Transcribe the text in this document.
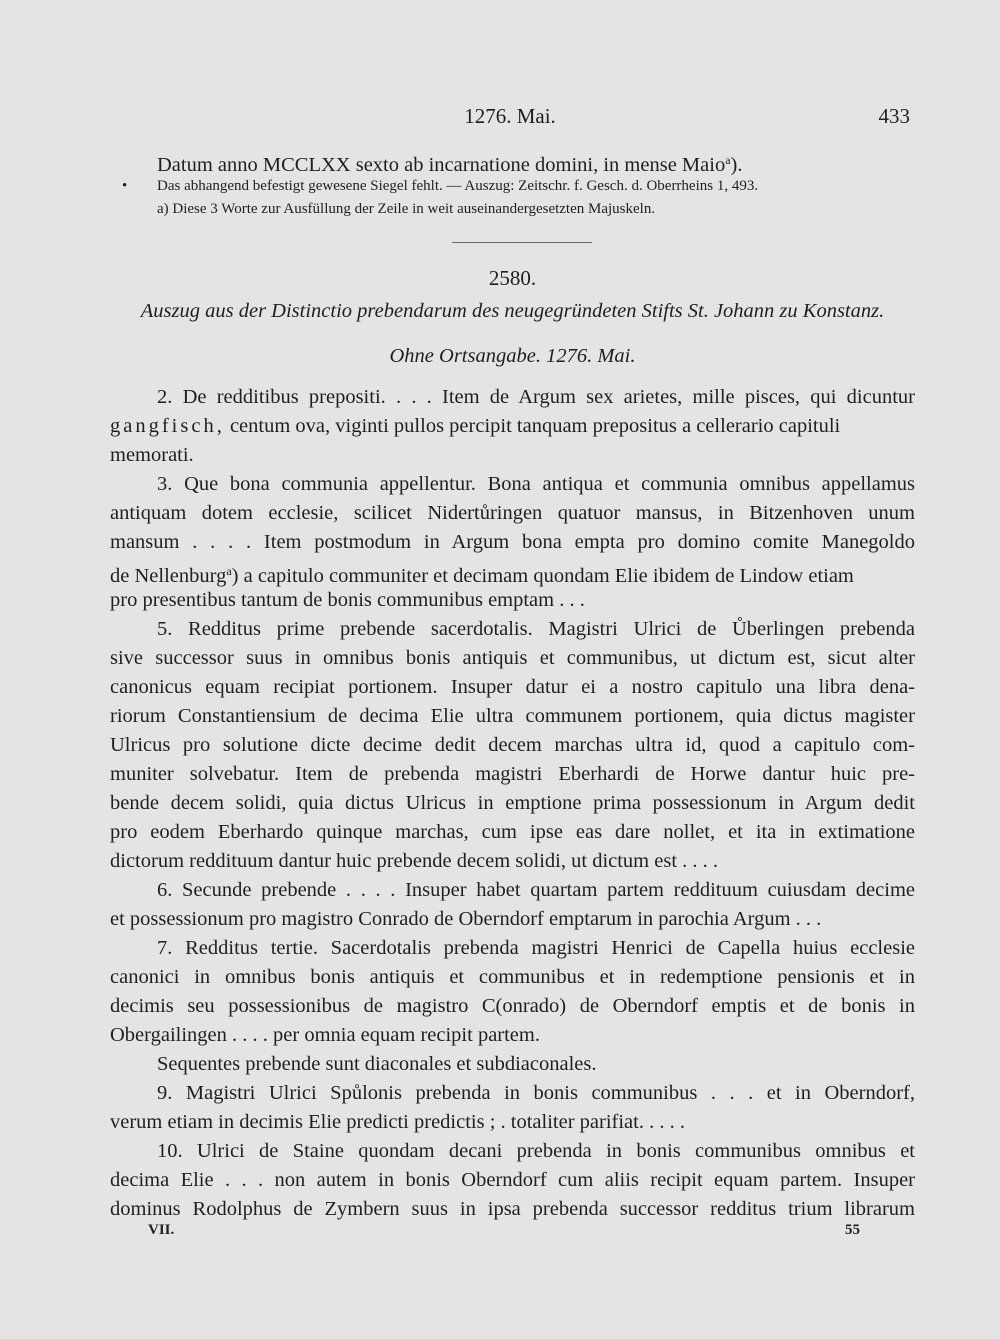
1276. Mai.	433
Datum anno MCCLXX sexto ab incarnatione domini, in mense Maio$^a$).
• Das abhangend befestigt gewesene Siegel fehlt. — Auszug: Zeitschr. f. Gesch. d. Oberrheins 1, 493.
a) Diese 3 Worte zur Ausfüllung der Zeile in weit auseinandergesetzten Majuskeln.
2580.
Auszug aus der Distinctio prebendarum des neugegründeten Stifts St. Johann zu Konstanz.
Ohne Ortsangabe. 1276. Mai.
2. De redditibus prepositi. . . . Item de Argum sex arietes, mille pisces, qui dicuntur
gangfisch, centum ova, viginti pullos percipit tanquam prepositus a cellerario capituli
memorati.
3. Que bona communia appellentur. Bona antiqua et communia omnibus appellamus
antiquam dotem ecclesie, scilicet Nidertůringen quatuor mansus, in Bitzenhoven unum
mansum . . . . Item postmodum in Argum bona empta pro domino comite Manegoldo
de Nellenburg$^a$) a capitulo communiter et decimam quondam Elie ibidem de Lindow etiam
pro presentibus tantum de bonis communibus emptam . . .
5. Redditus prime prebende sacerdotalis. Magistri Ulrici de Ůberlingen prebenda
sive successor suus in omnibus bonis antiquis et communibus, ut dictum est, sicut alter
canonicus equam recipiat portionem. Insuper datur ei a nostro capitulo una libra dena-
riorum Constantiensium de decima Elie ultra communem portionem, quia dictus magister
Ulricus pro solutione dicte decime dedit decem marchas ultra id, quod a capitulo com-
muniter solvebatur. Item de prebenda magistri Eberhardi de Horwe dantur huic pre-
bende decem solidi, quia dictus Ulricus in emptione prima possessionum in Argum dedit
pro eodem Eberhardo quinque marchas, cum ipse eas dare nollet, et ita in extimatione
dictorum reddituum dantur huic prebende decem solidi, ut dictum est . . . .
6. Secunde prebende . . . . Insuper habet quartam partem reddituum cuiusdam decime
et possessionum pro magistro Conrado de Oberndorf emptarum in parochia Argum . . .
7. Redditus tertie. Sacerdotalis prebenda magistri Henrici de Capella huius ecclesie
canonici in omnibus bonis antiquis et communibus et in redemptione pensionis et in
decimis seu possessionibus de magistro C(onrado) de Oberndorf emptis et de bonis in
Obergailingen . . . . per omnia equam recipit partem.
Sequentes prebende sunt diaconales et subdiaconales.
9. Magistri Ulrici Spůlonis prebenda in bonis communibus . . . et in Oberndorf,
verum etiam in decimis Elie predicti predictis ; . totaliter parifiat. . . . .
10. Ulrici de Staine quondam decani prebenda in bonis communibus omnibus et
decima Elie . . . non autem in bonis Oberndorf cum aliis recipit equam partem. Insuper
dominus Rodolphus de Zymbern suus in ipsa prebenda successor redditus trium librarum
VII.	55
